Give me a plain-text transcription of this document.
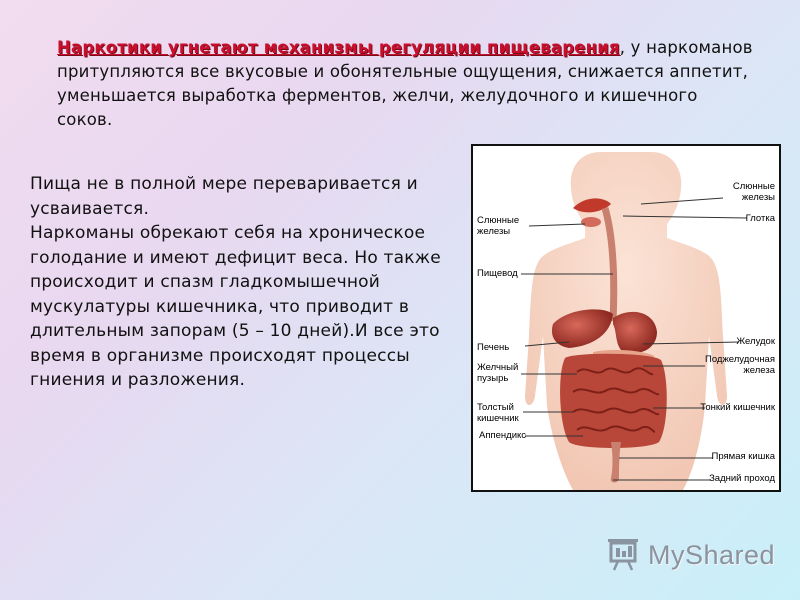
Наркотики угнетают механизмы регуляции пищеварения, у наркоманов притупляются все вкусовые и обонятельные ощущения, снижается аппетит, уменьшается выработка ферментов, желчи, желудочного и кишечного соков.

Пища не в полной мере переваривается и усваивается.

Наркоманы обрекают себя на хроническое голодание и имеют дефицит веса. Но также происходит и спазм гладкомышечной мускулатуры кишечника, что приводит в длительным запорам (5 – 10 дней).И все это время в организме происходят процессы гниения и разложения.

Слюнные
железы
Пищевод
Печень
Желчный
пузырь
Толстый
кишечник
Аппендикс
Слюнные
железы
Глотка
Желудок
Поджелудочная
железа
Тонкий кишечник
Прямая кишка
Задний проход
MyShared
